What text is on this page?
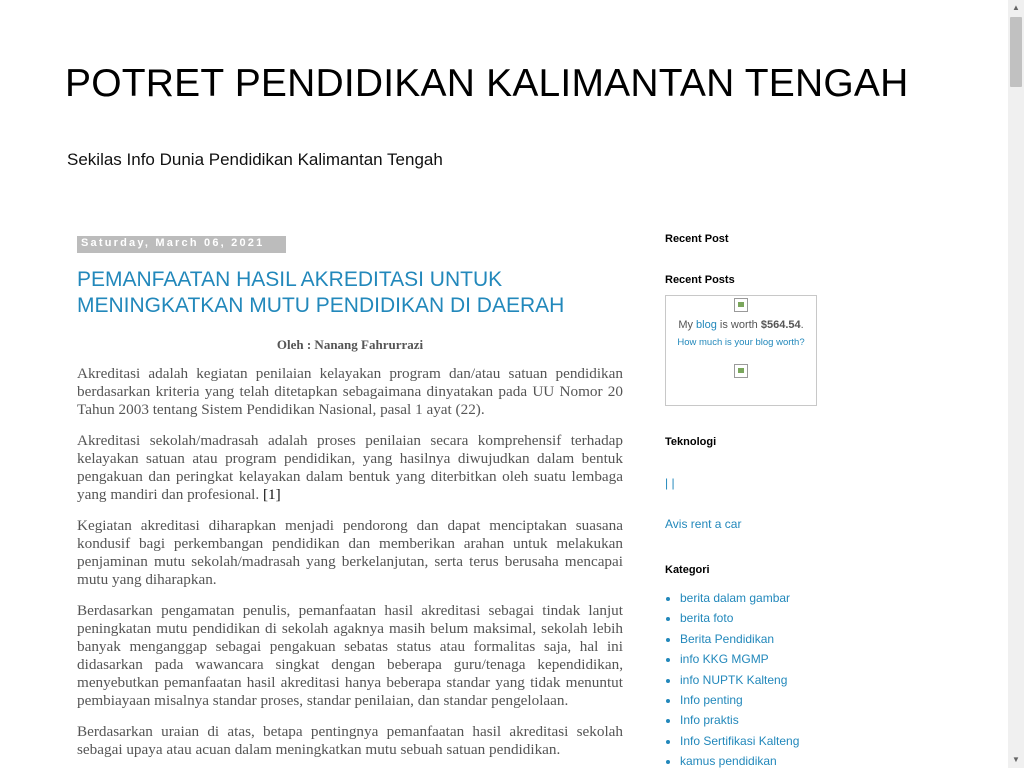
POTRET PENDIDIKAN KALIMANTAN TENGAH

Sekilas Info Dunia Pendidikan Kalimantan Tengah

Saturday, March 06, 2021
PEMANFAATAN HASIL AKREDITASI UNTUK
MENINGKATKAN MUTU PENDIDIKAN DI DAERAH

Oleh : Nanang Fahrurrazi

Akreditasi adalah kegiatan penilaian kelayakan program dan/atau satuan pendidikan berdasarkan kriteria yang telah ditetapkan sebagaimana dinyatakan pada UU Nomor 20 Tahun 2003 tentang Sistem Pendidikan Nasional, pasal 1 ayat (22).

Akreditasi sekolah/madrasah adalah proses penilaian secara komprehensif terhadap kelayakan satuan atau program pendidikan, yang hasilnya diwujudkan dalam bentuk pengakuan dan peringkat kelayakan dalam bentuk yang diterbitkan oleh suatu lembaga yang mandiri dan profesional. [1]

Kegiatan akreditasi diharapkan menjadi pendorong dan dapat menciptakan suasana kondusif bagi perkembangan pendidikan dan memberikan arahan untuk melakukan penjaminan mutu sekolah/madrasah yang berkelanjutan, serta terus berusaha mencapai mutu yang diharapkan.

Berdasarkan pengamatan penulis, pemanfaatan hasil akreditasi sebagai tindak lanjut peningkatan mutu pendidikan di sekolah agaknya masih belum maksimal, sekolah lebih banyak menganggap sebagai pengakuan sebatas status atau formalitas saja, hal ini didasarkan pada wawancara singkat dengan beberapa guru/tenaga kependidikan, menyebutkan pemanfaatan hasil akreditasi hanya beberapa standar yang tidak menuntut pembiayaan misalnya standar proses, standar penilaian, dan standar pengelolaan.

Berdasarkan uraian di atas, betapa pentingnya pemanfaatan hasil akreditasi sekolah sebagai upaya atau acuan dalam meningkatkan mutu sebuah satuan pendidikan.

Recent Post
Recent Posts
My blog is worth $564.54.
How much is your blog worth?
Teknologi
| |
Avis rent a car
Kategori
• berita dalam gambar
• berita foto
• Berita Pendidikan
• info KKG MGMP
• info NUPTK Kalteng
• Info penting
• Info praktis
• Info Sertifikasi Kalteng
• kamus pendidikan
▲
▼
